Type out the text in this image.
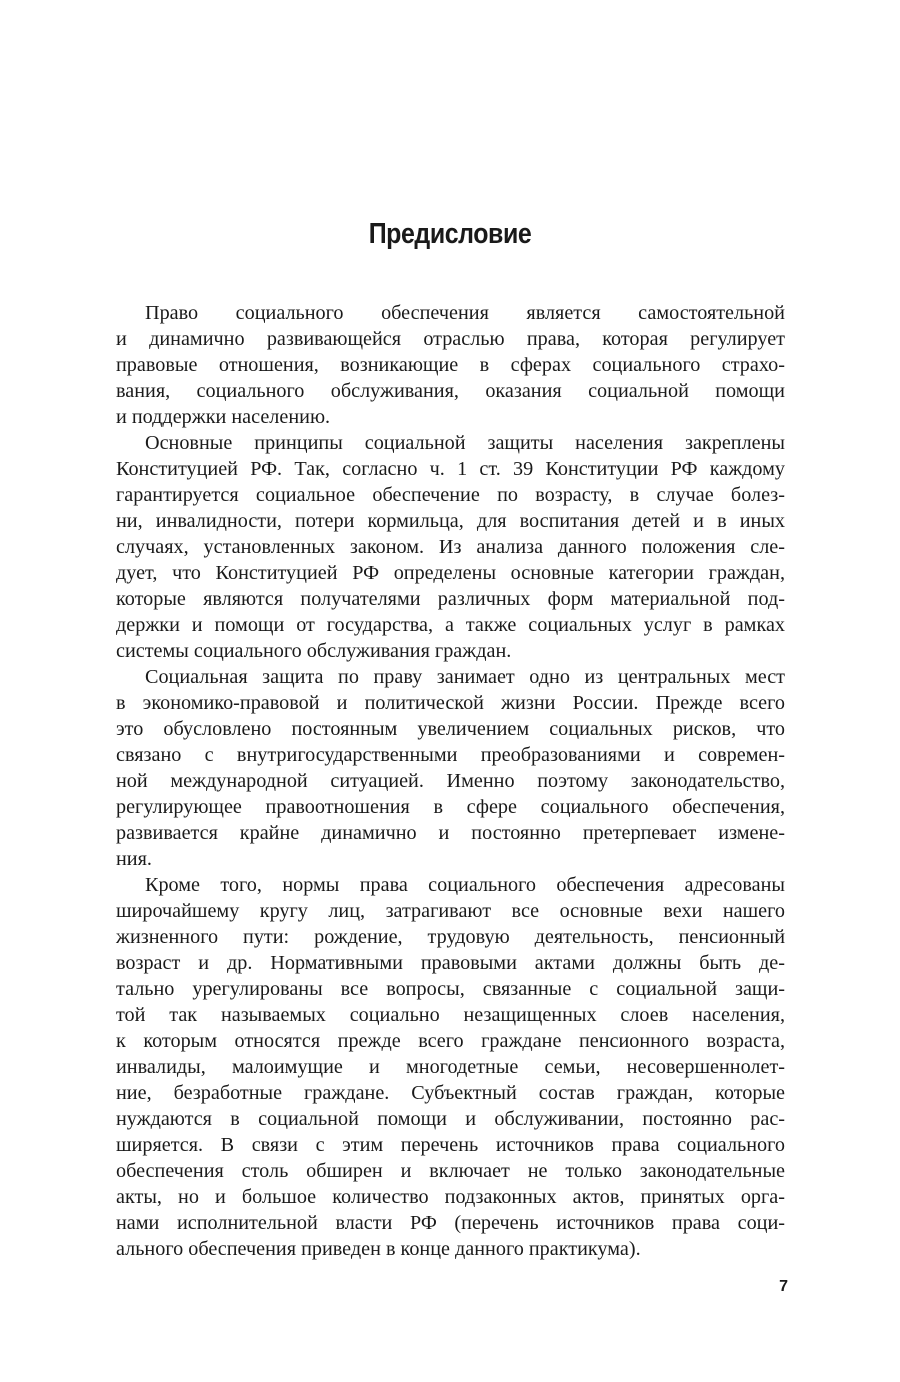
Предисловие
Право социального обеспечения является самостоятельной
и динамично развивающейся отраслью права, которая регулирует
правовые отношения, возникающие в сферах социального страхо-
вания, социального обслуживания, оказания социальной помощи
и поддержки населению.
Основные принципы социальной защиты населения закреплены
Конституцией РФ. Так, согласно ч. 1 ст. 39 Конституции РФ каждому
гарантируется социальное обеспечение по возрасту, в случае болез-
ни, инвалидности, потери кормильца, для воспитания детей и в иных
случаях, установленных законом. Из анализа данного положения сле-
дует, что Конституцией РФ определены основные категории граждан,
которые являются получателями различных форм материальной под-
держки и помощи от государства, а также социальных услуг в рамках
системы социального обслуживания граждан.
Социальная защита по праву занимает одно из центральных мест
в экономико-правовой и политической жизни России. Прежде всего
это обусловлено постоянным увеличением социальных рисков, что
связано с внутригосударственными преобразованиями и современ-
ной международной ситуацией. Именно поэтому законодательство,
регулирующее правоотношения в сфере социального обеспечения,
развивается крайне динамично и постоянно претерпевает измене-
ния.
Кроме того, нормы права социального обеспечения адресованы
широчайшему кругу лиц, затрагивают все основные вехи нашего
жизненного пути: рождение, трудовую деятельность, пенсионный
возраст и др. Нормативными правовыми актами должны быть де-
тально урегулированы все вопросы, связанные с социальной защи-
той так называемых социально незащищенных слоев населения,
к которым относятся прежде всего граждане пенсионного возраста,
инвалиды, малоимущие и многодетные семьи, несовершеннолет-
ние, безработные граждане. Субъектный состав граждан, которые
нуждаются в социальной помощи и обслуживании, постоянно рас-
ширяется. В связи с этим перечень источников права социального
обеспечения столь обширен и включает не только законодательные
акты, но и большое количество подзаконных актов, принятых орга-
нами исполнительной власти РФ (перечень источников права соци-
ального обеспечения приведен в конце данного практикума).
7
